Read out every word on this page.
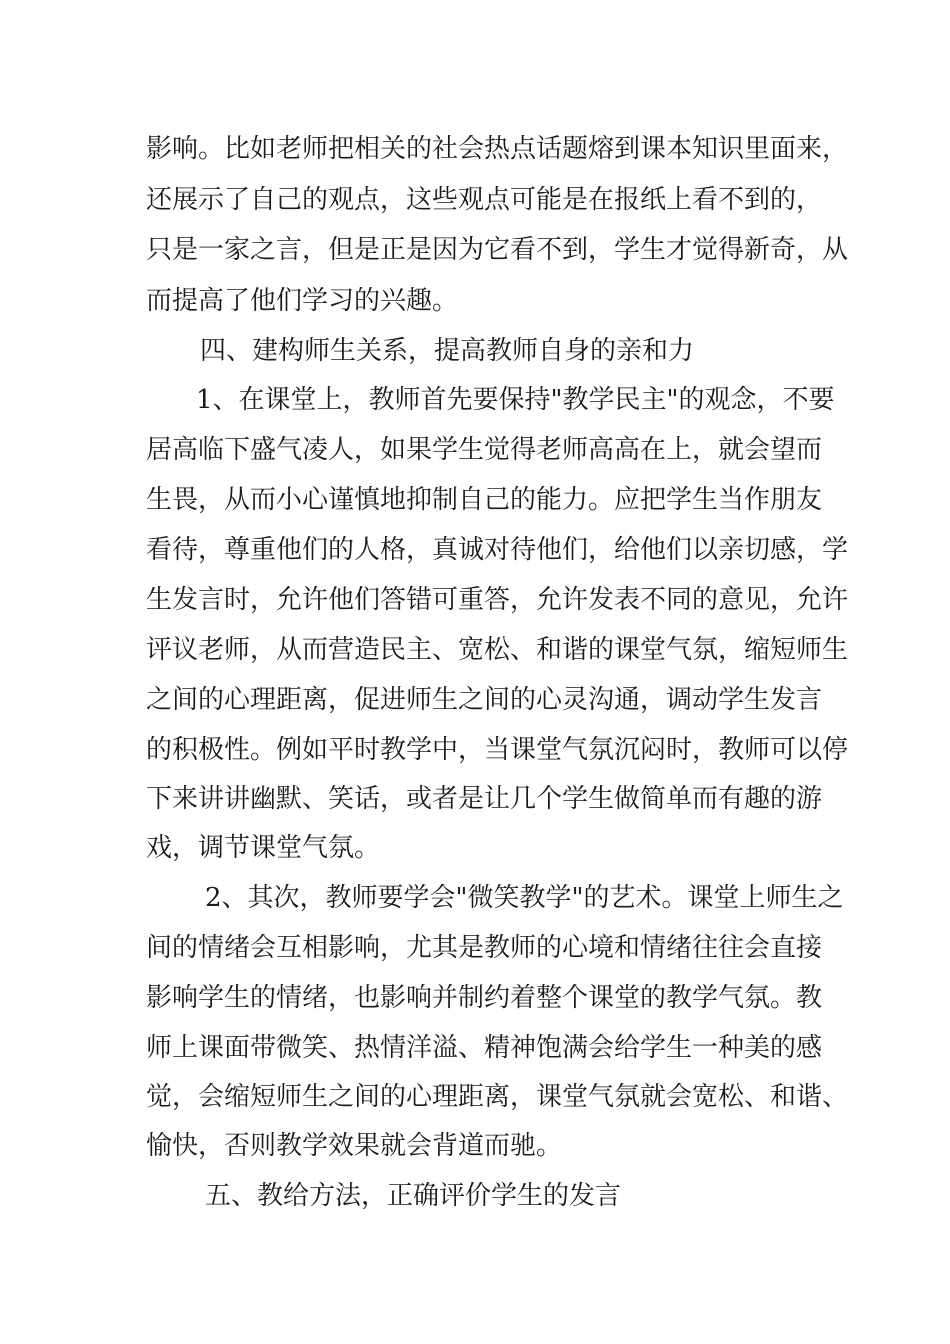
影响。比如老师把相关的社会热点话题熔到课本知识里面来，
还展示了自己的观点，这些观点可能是在报纸上看不到的，
只是一家之言，但是正是因为它看不到，学生才觉得新奇，从
而提高了他们学习的兴趣。
四、建构师生关系，提高教师自身的亲和力
1、在课堂上，教师首先要保持"教学民主"的观念，不要
居高临下盛气凌人，如果学生觉得老师高高在上，就会望而
生畏，从而小心谨慎地抑制自己的能力。应把学生当作朋友
看待，尊重他们的人格，真诚对待他们，给他们以亲切感，学
生发言时，允许他们答错可重答，允许发表不同的意见，允许
评议老师，从而营造民主、宽松、和谐的课堂气氛，缩短师生
之间的心理距离，促进师生之间的心灵沟通，调动学生发言
的积极性。例如平时教学中，当课堂气氛沉闷时，教师可以停
下来讲讲幽默、笑话，或者是让几个学生做简单而有趣的游
戏，调节课堂气氛。
2、其次，教师要学会"微笑教学"的艺术。课堂上师生之
间的情绪会互相影响，尤其是教师的心境和情绪往往会直接
影响学生的情绪，也影响并制约着整个课堂的教学气氛。教
师上课面带微笑、热情洋溢、精神饱满会给学生一种美的感
觉，会缩短师生之间的心理距离，课堂气氛就会宽松、和谐、
愉快，否则教学效果就会背道而驰。
五、教给方法，正确评价学生的发言
